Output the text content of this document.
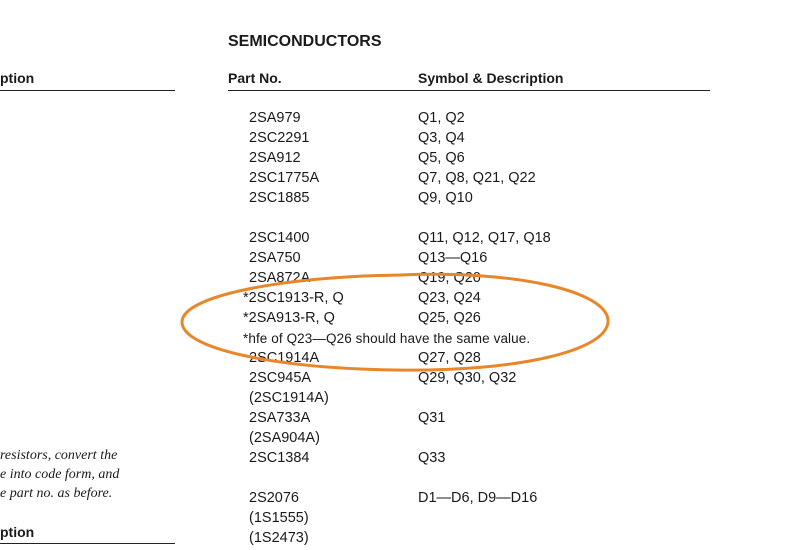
ption
resistors, convert the
e into code form, and
e part no. as before.
ption
SEMICONDUCTORS
Part No.	Symbol & Description
2SA979	Q1, Q2
2SC2291	Q3, Q4
2SA912	Q5, Q6
2SC1775A	Q7, Q8, Q21, Q22
2SC1885	Q9, Q10
2SC1400	Q11, Q12, Q17, Q18
2SA750	Q13—Q16
2SA872A	Q19, Q20
*2SC1913-R, Q	Q23, Q24
*2SA913-R, Q	Q25, Q26
*hfe of Q23—Q26 should have the same value.
2SC1914A	Q27, Q28
2SC945A	Q29, Q30, Q32
(2SC1914A)
2SA733A	Q31
(2SA904A)
2SC1384	Q33
2S2076	D1—D6, D9—D16
(1S1555)
(1S2473)
